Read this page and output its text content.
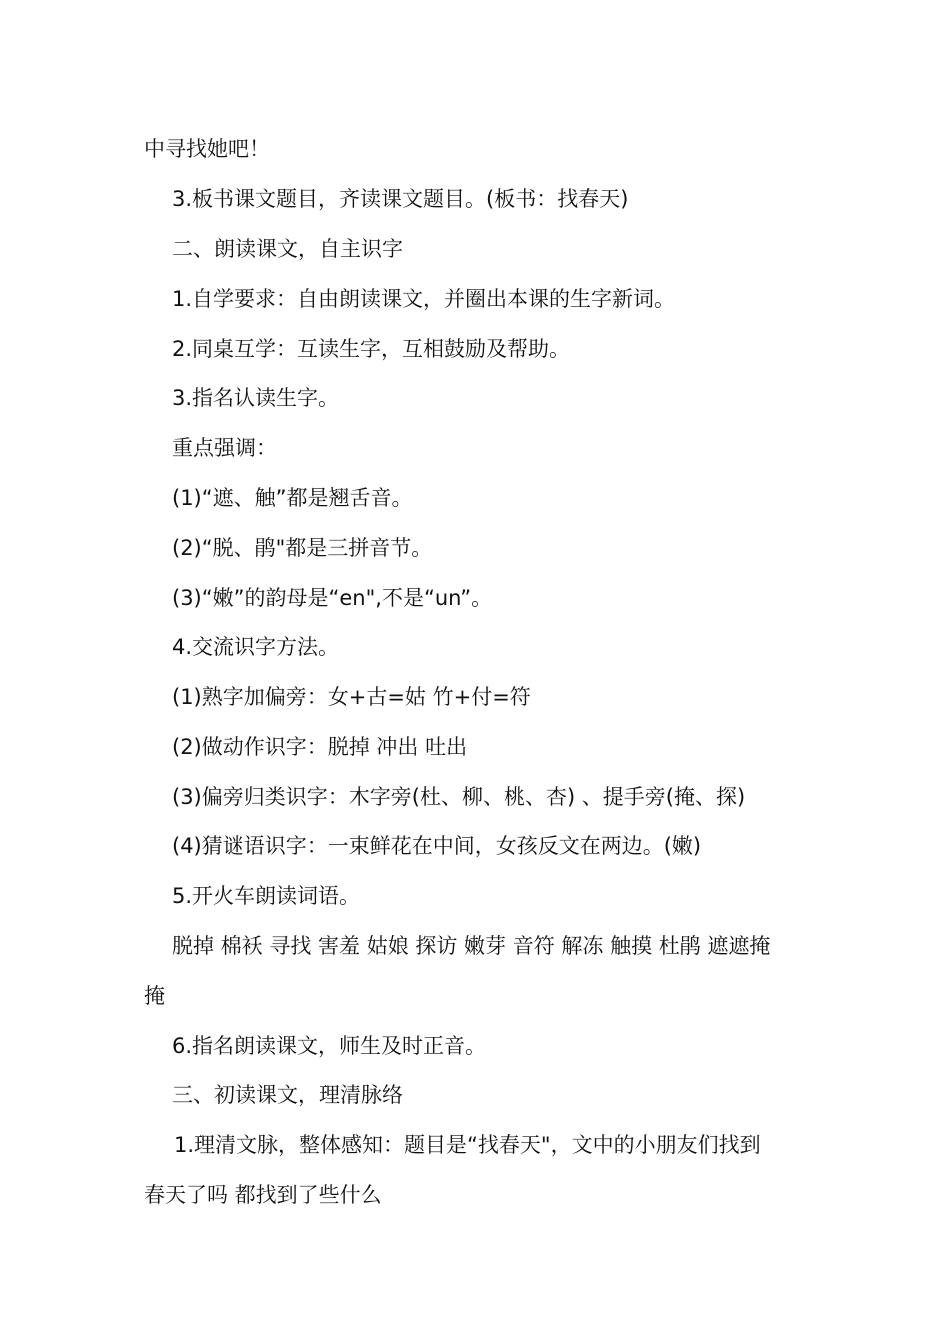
中寻找她吧！
3.板书课文题目，齐读课文题目。(板书：找春天)
二、朗读课文，自主识字
1.自学要求：自由朗读课文，并圈出本课的生字新词。
2.同桌互学：互读生字，互相鼓励及帮助。
3.指名认读生字。
重点强调：
(1)“遮、触”都是翘舌音。
(2)“脱、鹃"都是三拼音节。
(3)“嫩”的韵母是“en",不是“un”。
4.交流识字方法。
(1)熟字加偏旁：女+古=姑 竹+付=符
(2)做动作识字：脱掉 冲出 吐出
(3)偏旁归类识字：木字旁(杜、柳、桃、杏) 、提手旁(掩、探)
(4)猜谜语识字：一束鲜花在中间，女孩反文在两边。(嫩)
5.开火车朗读词语。
脱掉 棉袄 寻找 害羞 姑娘 探访 嫩芽 音符 解冻 触摸 杜鹃 遮遮掩
掩
6.指名朗读课文，师生及时正音。
三、初读课文，理清脉络
1.理清文脉，整体感知：题目是“找春天"，文中的小朋友们找到
春天了吗 都找到了些什么
